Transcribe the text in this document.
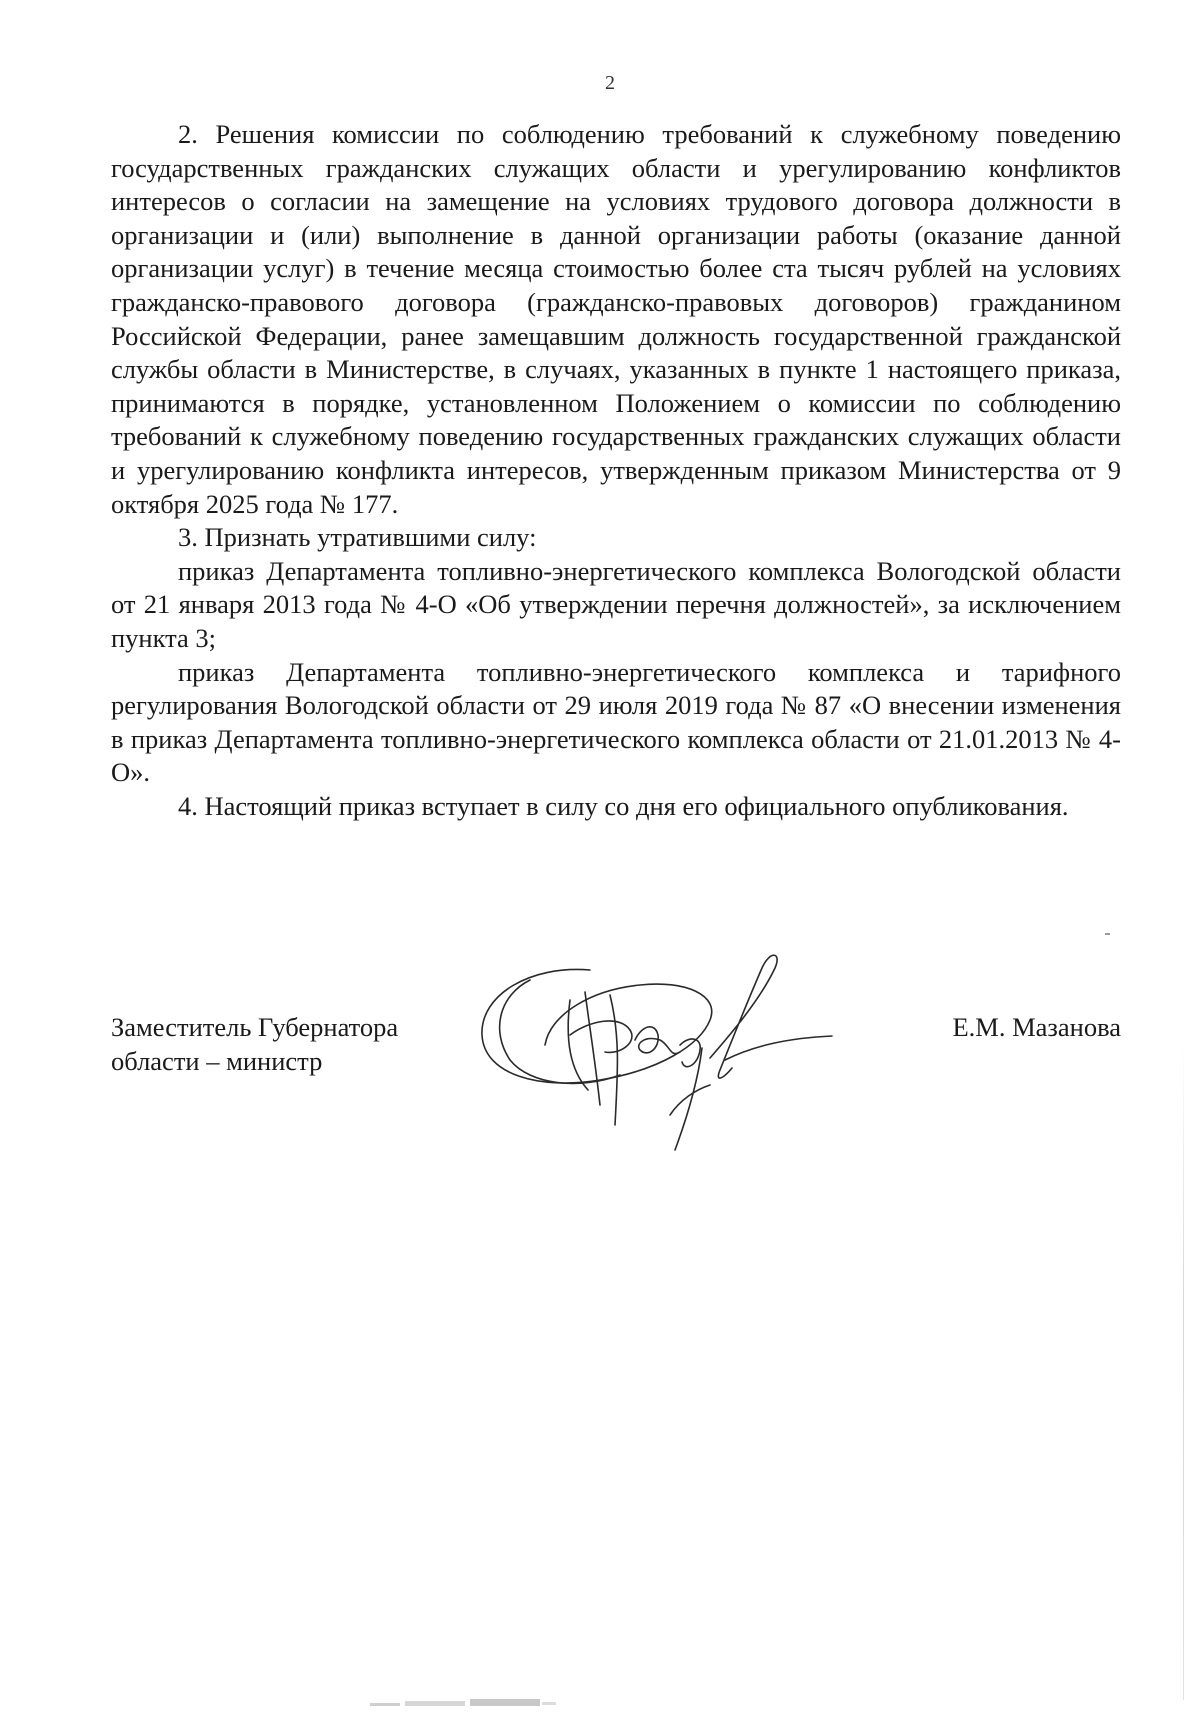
2

2. Решения комиссии по соблюдению требований к служебному поведению государственных гражданских служащих области и урегулированию конфликтов интересов о согласии на замещение на условиях трудового договора должности в организации и (или) выполнение в данной организации работы (оказание данной организации услуг) в течение месяца стоимостью более ста тысяч рублей на условиях гражданско-правового договора (гражданско-правовых договоров) гражданином Российской Федерации, ранее замещавшим должность государственной гражданской службы области в Министерстве, в случаях, указанных в пункте 1 настоящего приказа, принимаются в порядке, установленном Положением о комиссии по соблюдению требований к служебному поведению государственных гражданских служащих области и урегулированию конфликта интересов, утвержденным приказом Министерства от 9 октября 2025 года № 177.

3. Признать утратившими силу:

приказ Департамента топливно-энергетического комплекса Вологодской области от 21 января 2013 года № 4-О «Об утверждении перечня должностей», за исключением пункта 3;

приказ Департамента топливно-энергетического комплекса и тарифного регулирования Вологодской области от 29 июля 2019 года № 87 «О внесении изменения в приказ Департамента топливно-энергетического комплекса области от 21.01.2013 № 4-О».

4. Настоящий приказ вступает в силу со дня его официального опубликования.

Заместитель Губернатора
области – министр
Е.М. Мазанова
